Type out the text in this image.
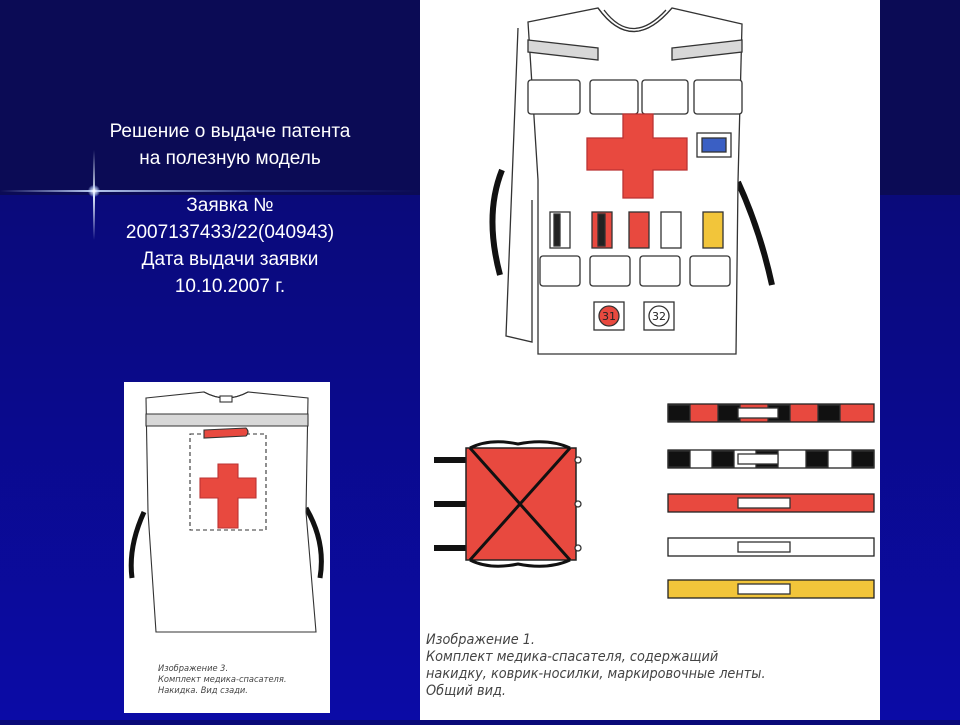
Решение о выдаче патента
на полезную модель
Заявка №
2007137433/22(040943)
Дата выдачи заявки
10.10.2007 г.
31	32
Изображение 1.
Комплект медика-спасателя, содержащий
накидку, коврик-носилки, маркировочные ленты.
Общий вид.
Изображение 3.
Комплект медика-спасателя.
Накидка. Вид сзади.
